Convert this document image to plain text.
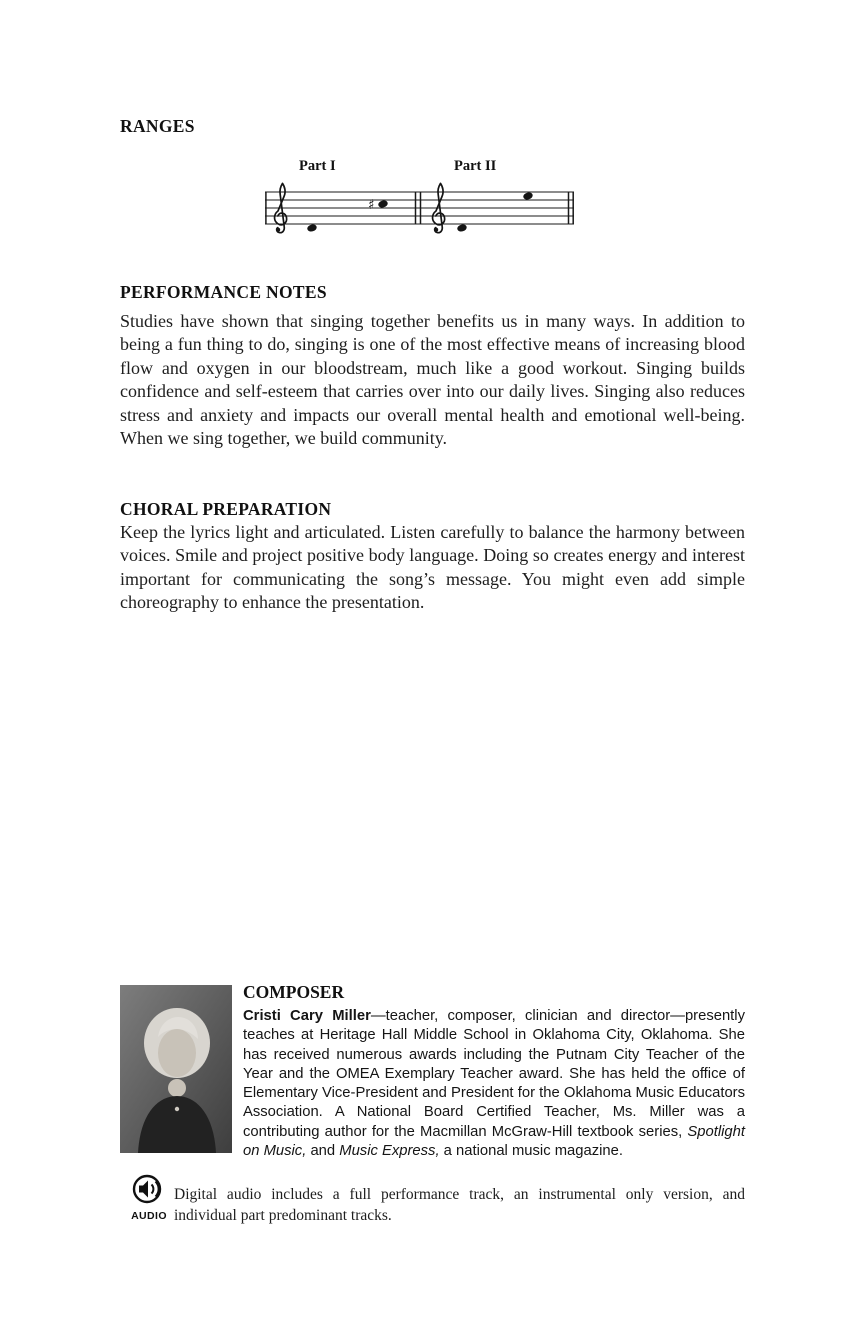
RANGES
Part I	Part II
♯
PERFORMANCE NOTES

Studies have shown that singing together benefits us in many ways. In addition to being a fun thing to do, singing is one of the most effective means of increasing blood flow and oxygen in our bloodstream, much like a good workout. Singing builds confidence and self-esteem that carries over into our daily lives. Singing also reduces stress and anxiety and impacts our overall mental health and emotional well-being. When we sing together, we build community.

CHORAL PREPARATION

Keep the lyrics light and articulated. Listen carefully to balance the harmony between voices. Smile and project positive body language. Doing so creates energy and interest important for communicating the song’s message. You might even add simple choreography to enhance the presentation.

COMPOSER

Cristi Cary Miller—teacher, composer, clinician and director—presently teaches at Heritage Hall Middle School in Oklahoma City, Oklahoma. She has received numerous awards including the Putnam City Teacher of the Year and the OMEA Exemplary Teacher award. She has held the office of Elementary Vice-President and President for the Oklahoma Music Educators Association. A National Board Certified Teacher, Ms. Miller was a contributing author for the Macmillan McGraw-Hill textbook series, Spotlight on Music, and Music Express, a national music magazine.

AUDIO

Digital audio includes a full performance track, an instrumental only version, and individual part predominant tracks.
